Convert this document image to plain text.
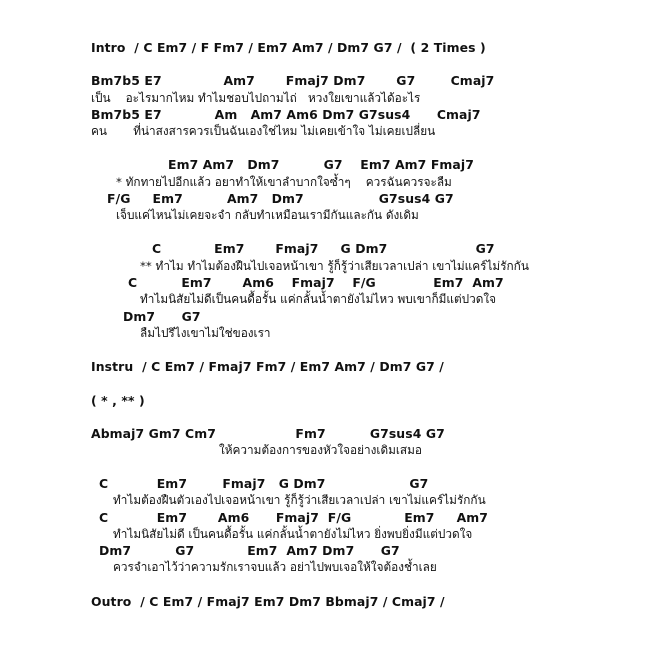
Intro  / C Em7 / F Fm7 / Em7 Am7 / Dm7 G7 /  ( 2 Times )
Bm7b5 E7              Am7       Fmaj7 Dm7       G7        Cmaj7
เป็น    อะไรมากไหม ทำไมชอบไปถามไถ่   หวงใยเขาแล้วได้อะไร
Bm7b5 E7            Am   Am7 Am6 Dm7 G7sus4      Cmaj7
คน       ที่น่าสงสารควรเป็นฉันเองใช่ไหม ไม่เคยเข้าใจ ไม่เคยเปลี่ยน
Em7 Am7   Dm7          G7    Em7 Am7 Fmaj7
* ทักทายไปอีกแล้ว อยาทำให้เขาลำบากใจซ้ำๆ    ควรฉันควรจะลืม
F/G     Em7          Am7   Dm7                 G7sus4 G7
เจ็บแค่ไหนไม่เคยจะจำ กลับทำเหมือนเรามีกันและกัน ดังเดิม
C            Em7       Fmaj7     G Dm7                    G7
** ทำไม ทำไมต้องฝืนไปเจอหน้าเขา รู้ก็รู้ว่าเสียเวลาเปล่า เขาไม่แคร์ไม่รักกัน
C          Em7       Am6    Fmaj7    F/G             Em7  Am7
ทำไมนิสัยไม่ดีเป็นคนดื้อรั้น แค่กลั้นน้ำตายังไม่ไหว พบเขาก็มีแต่ปวดใจ
Dm7      G7
ลืมไปรึไงเขาไม่ใช่ของเรา
Instru  / C Em7 / Fmaj7 Fm7 / Em7 Am7 / Dm7 G7 /
( * , ** )
Abmaj7 Gm7 Cm7                  Fm7          G7sus4 G7
ให้ความต้องการของหัวใจอย่างเดิมเสมอ
C           Em7        Fmaj7   G Dm7                   G7
ทำไมต้องฝืนตัวเองไปเจอหน้าเขา รู้ก็รู้ว่าเสียเวลาเปล่า เขาไม่แคร์ไม่รักกัน
C           Em7       Am6      Fmaj7  F/G            Em7     Am7
ทำไมนิสัยไม่ดี เป็นคนดื้อรั้น แค่กลั้นน้ำตายังไม่ไหว ยิ่งพบยิ่งมีแต่ปวดใจ
Dm7          G7            Em7  Am7 Dm7      G7
ควรจำเอาไว้ว่าความรักเราจบแล้ว อย่าไปพบเจอให้ใจต้องช้ำเลย
Outro  / C Em7 / Fmaj7 Em7 Dm7 Bbmaj7 / Cmaj7 /
